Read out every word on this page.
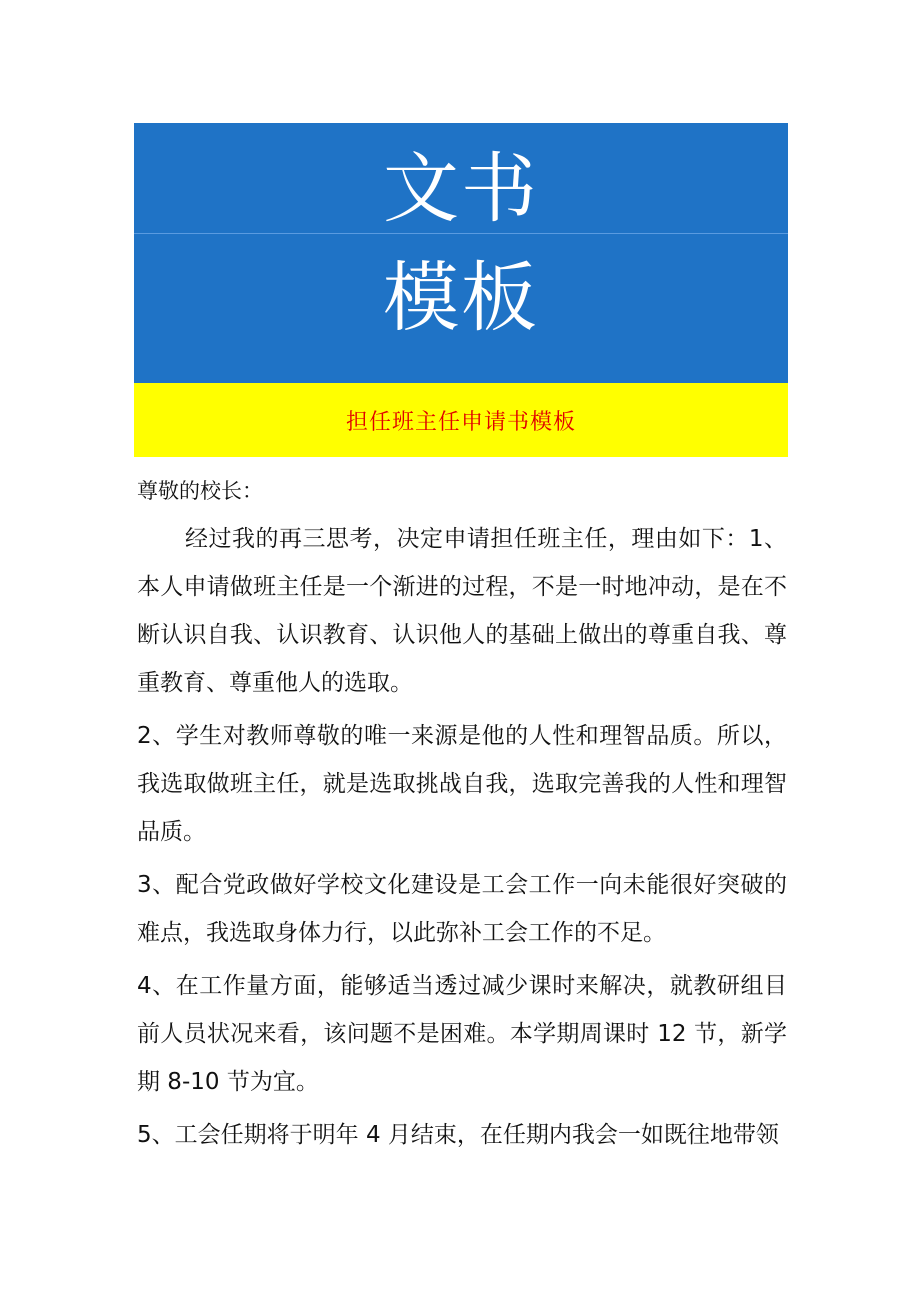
文书
模板
担任班主任申请书模板

尊敬的校长：

经过我的再三思考，决定申请担任班主任，理由如下：1、本人申请做班主任是一个渐进的过程，不是一时地冲动，是在不断认识自我、认识教育、认识他人的基础上做出的尊重自我、尊重教育、尊重他人的选取。

2、学生对教师尊敬的唯一来源是他的人性和理智品质。所以，我选取做班主任，就是选取挑战自我，选取完善我的人性和理智品质。

3、配合党政做好学校文化建设是工会工作一向未能很好突破的难点，我选取身体力行，以此弥补工会工作的不足。

4、在工作量方面，能够适当透过减少课时来解决，就教研组目前人员状况来看，该问题不是困难。本学期周课时 12 节，新学期 8-10 节为宜。

5、工会任期将于明年 4 月结束，在任期内我会一如既往地带领
